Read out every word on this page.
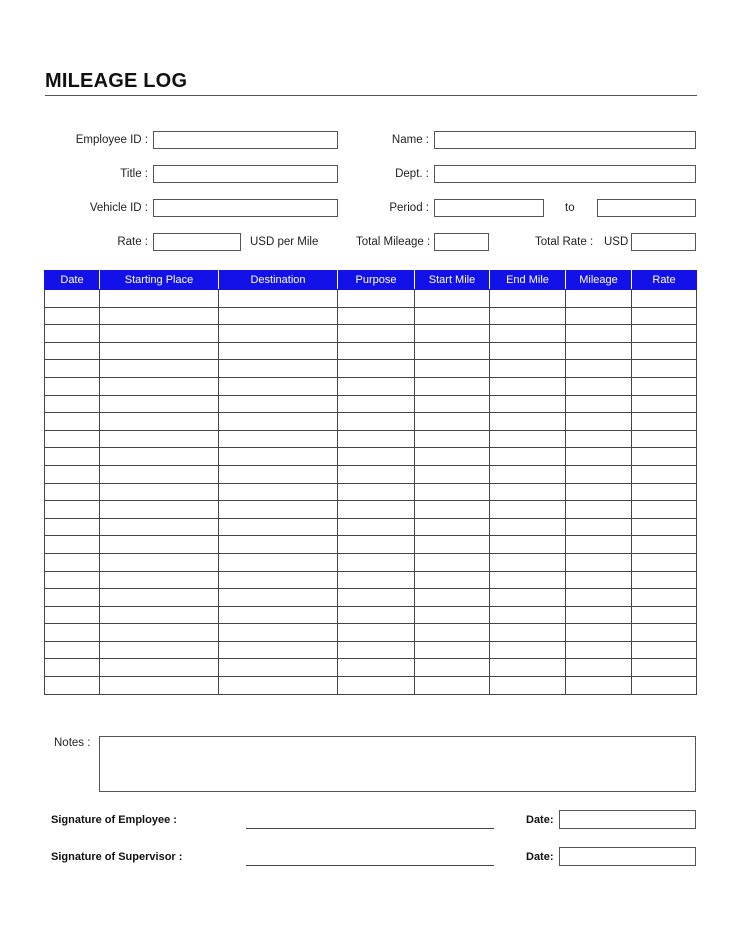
MILEAGE LOG
Employee ID :	Name :
Title :	Dept. :
Vehicle ID :	Period :	to
Rate :	USD per Mile	Total Mileage :	Total Rate : USD
Date	Starting Place	Destination	Purpose	Start Mile	End Mile	Mileage	Rate

Notes :
Signature of Employee :	Date:
Signature of Supervisor :	Date:
